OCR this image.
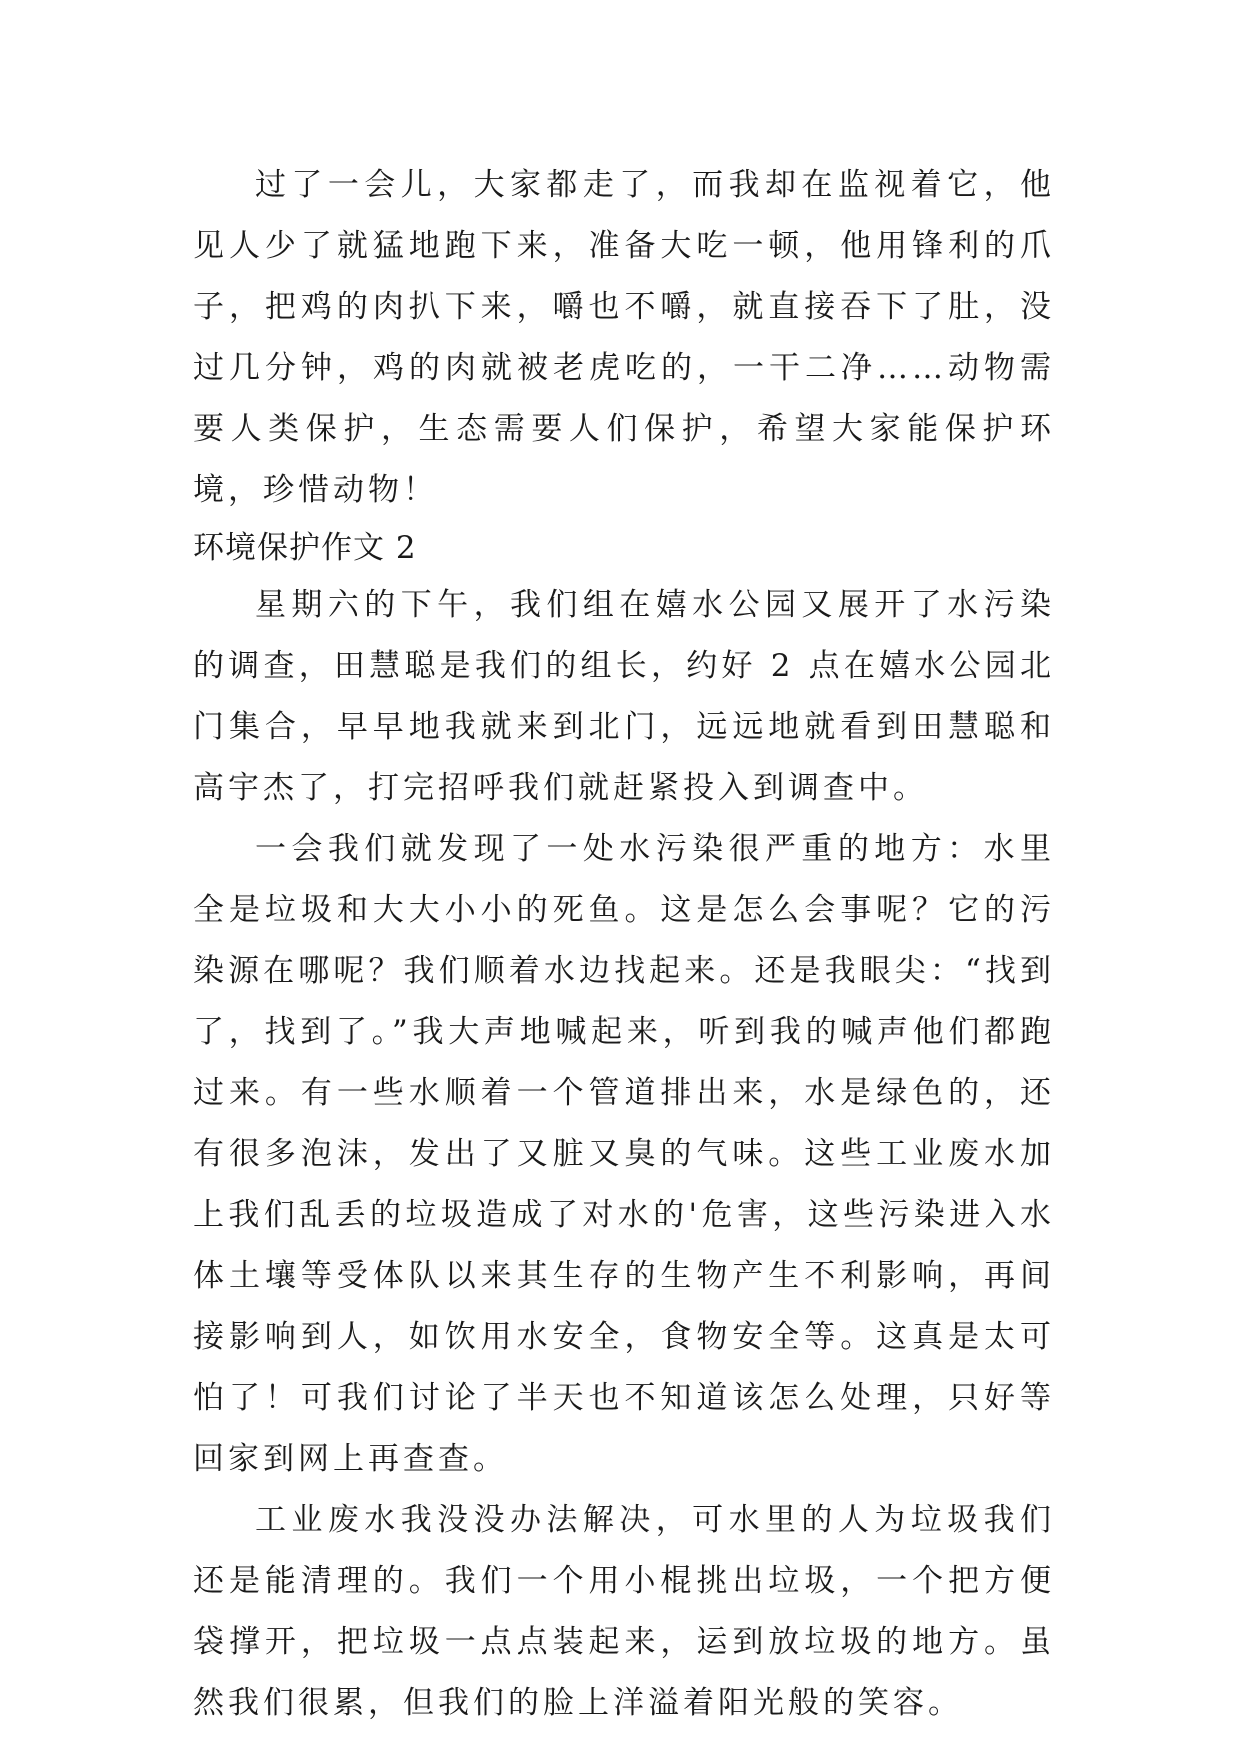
过了一会儿，大家都走了，而我却在监视着它，他见人少了就猛地跑下来，准备大吃一顿，他用锋利的爪子，把鸡的肉扒下来，嚼也不嚼，就直接吞下了肚，没过几分钟，鸡的肉就被老虎吃的，一干二净……动物需要人类保护，生态需要人们保护，希望大家能保护环境，珍惜动物！

环境保护作文 2

星期六的下午，我们组在嬉水公园又展开了水污染的调查，田慧聪是我们的组长，约好 2 点在嬉水公园北门集合，早早地我就来到北门，远远地就看到田慧聪和高宇杰了，打完招呼我们就赶紧投入到调查中。

一会我们就发现了一处水污染很严重的地方：水里全是垃圾和大大小小的死鱼。这是怎么会事呢？它的污染源在哪呢？我们顺着水边找起来。还是我眼尖：“找到了，找到了。”我大声地喊起来，听到我的喊声他们都跑过来。有一些水顺着一个管道排出来，水是绿色的，还有很多泡沫，发出了又脏又臭的气味。这些工业废水加上我们乱丢的垃圾造成了对水的'危害，这些污染进入水体土壤等受体队以来其生存的生物产生不利影响，再间接影响到人，如饮用水安全，食物安全等。这真是太可怕了！可我们讨论了半天也不知道该怎么处理，只好等回家到网上再查查。

工业废水我没没办法解决，可水里的人为垃圾我们还是能清理的。我们一个用小棍挑出垃圾，一个把方便袋撑开，把垃圾一点点装起来，运到放垃圾的地方。虽然我们很累，但我们的脸上洋溢着阳光般的笑容。
